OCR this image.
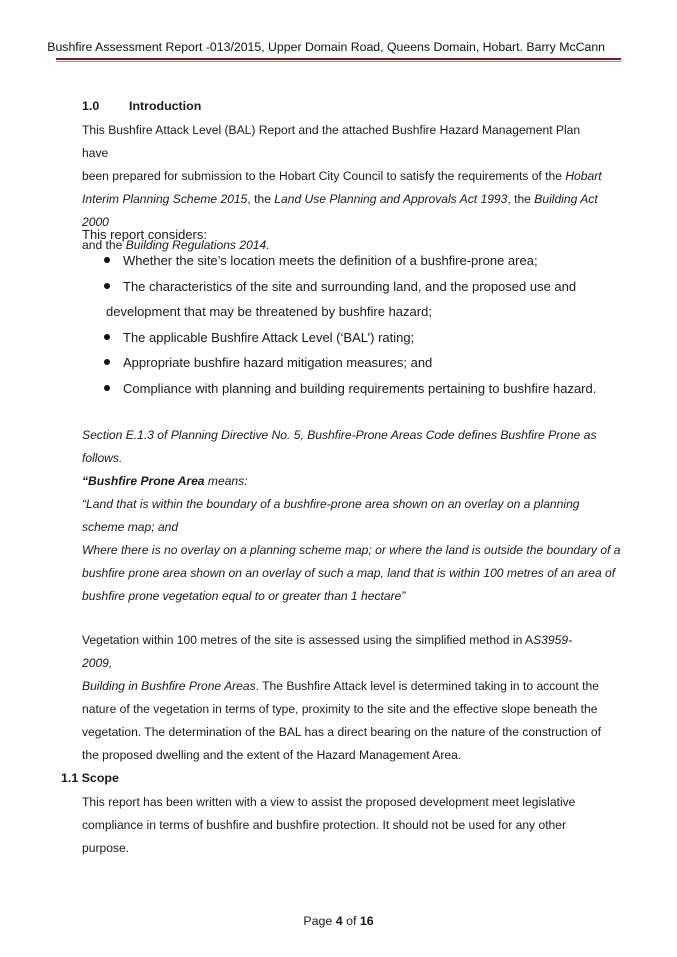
Bushfire Assessment Report -013/2015, Upper Domain Road, Queens Domain, Hobart. Barry McCann
1.0 Introduction
This Bushfire Attack Level (BAL) Report and the attached Bushfire Hazard Management Plan have
been prepared for submission to the Hobart City Council to satisfy the requirements of the Hobart
Interim Planning Scheme 2015, the Land Use Planning and Approvals Act 1993, the Building Act 2000
and the Building Regulations 2014.
This report considers:
Whether the site’s location meets the definition of a bushfire-prone area;
The characteristics of the site and surrounding land, and the proposed use and
development that may be threatened by bushfire hazard;
The applicable Bushfire Attack Level (‘BAL’) rating;
Appropriate bushfire hazard mitigation measures; and
Compliance with planning and building requirements pertaining to bushfire hazard.
Section E.1.3 of Planning Directive No. 5, Bushfire-Prone Areas Code defines Bushfire Prone as
follows.
“Bushfire Prone Area means:
“Land that is within the boundary of a bushfire-prone area shown on an overlay on a planning
scheme map; and
Where there is no overlay on a planning scheme map; or where the land is outside the boundary of a
bushfire prone area shown on an overlay of such a map, land that is within 100 metres of an area of
bushfire prone vegetation equal to or greater than 1 hectare”
Vegetation within 100 metres of the site is assessed using the simplified method in AS3959-2009,
Building in Bushfire Prone Areas. The Bushfire Attack level is determined taking in to account the
nature of the vegetation in terms of type, proximity to the site and the effective slope beneath the
vegetation. The determination of the BAL has a direct bearing on the nature of the construction of
the proposed dwelling and the extent of the Hazard Management Area.
1.1 Scope
This report has been written with a view to assist the proposed development meet legislative
compliance in terms of bushfire and bushfire protection. It should not be used for any other
purpose.
Page 4 of 16
